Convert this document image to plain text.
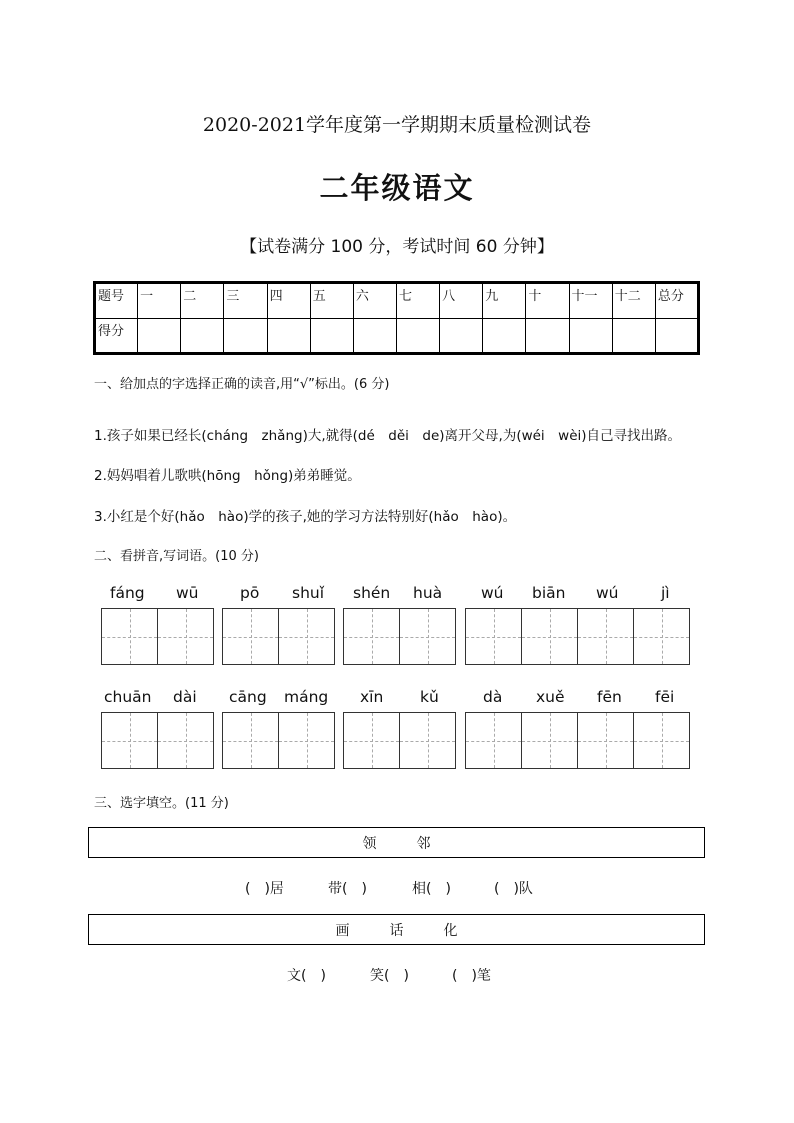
2020-2021学年度第一学期期末质量检测试卷
二年级语文
【试卷满分 100 分，考试时间 60 分钟】
题号	一	二	三	四	五	六	七	八	九	十	十一	十二	总分
得分													
一、给加点的字选择正确的读音,用“√”标出。(6 分)
1.孩子如果已经长(cháng　zhǎng)大,就得(dé　děi　de)离开父母,为(wéi　wèi)自己寻找出路。
2.妈妈唱着儿歌哄(hōng　hǒng)弟弟睡觉。
3.小红是个好(hǎo　hào)学的孩子,她的学习方法特别好(hǎo　hào)。
二、看拼音,写词语。(10 分)
fáng wū	pō shuǐ shén huà	wú biān wú	jì
chuān dài cāng máng xīn kǔ	dà xuě fēn fēi
三、选字填空。(11 分)
领	邻
(　)居	带(　)	相(　)	(　)队
画	话	化
文(　)	笑(　)	(　)笔
